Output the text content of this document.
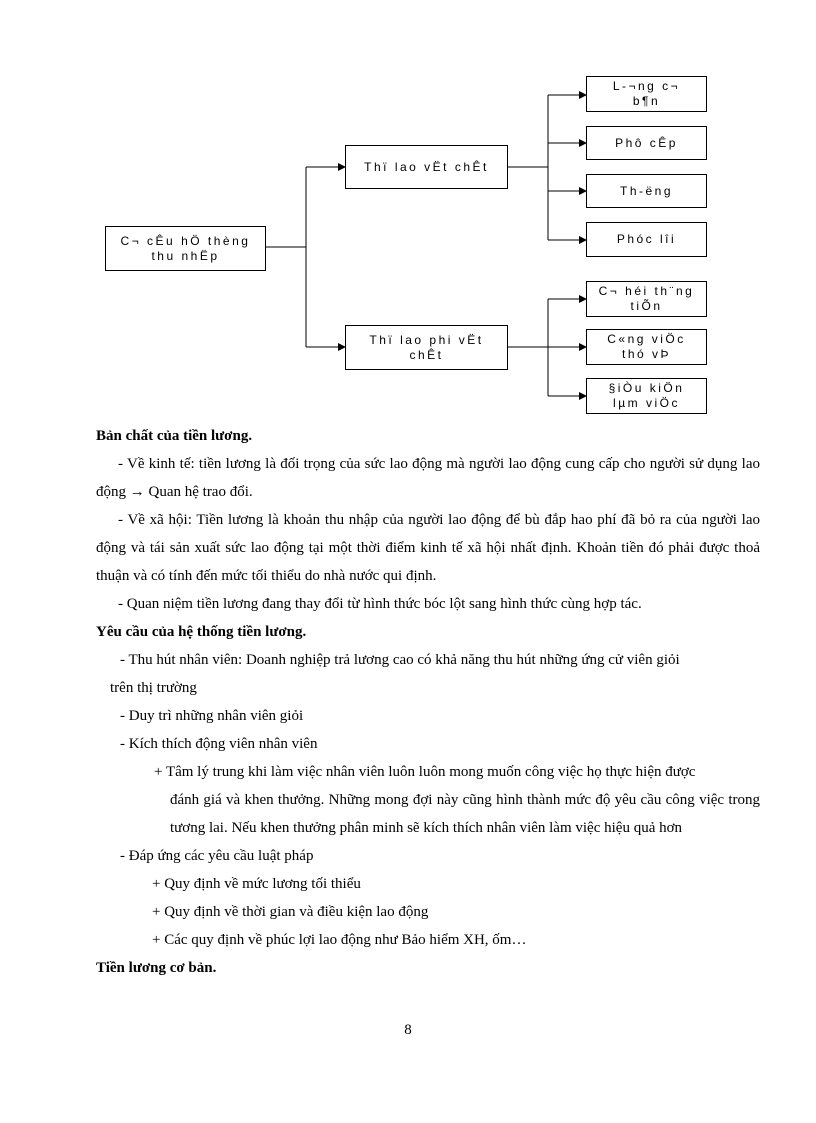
C¬ cÊu hÖ thèng
thu nhËp
Thï lao vËt chÊt
Thï lao phi vËt
chÊt
L-¬ng c¬
b¶n
Phô cÊp
Th-ëng
Phóc lîi
C¬ héi th¨ng
tiÕn
C«ng viÖc
thó vÞ
§iÒu kiÖn
lµm viÖc

Bản chất của tiền lương.

- Về kinh tế: tiền lương là đối trọng của sức lao động mà người lao động cung cấp cho người sử dụng lao động → Quan hệ trao đổi.

- Về xã hội: Tiền lương là khoản thu nhập của người lao động để bù đắp hao phí đã bỏ ra của người lao động và tái sản xuất sức lao động tại một thời điểm kinh tế xã hội nhất định. Khoản tiền đó phải được thoả thuận và có tính đến mức tối thiểu do nhà nước qui định.

- Quan niệm tiền lương đang thay đổi từ hình thức bóc lột sang hình thức cùng hợp tác.

Yêu cầu của hệ thống tiền lương.

- Thu hút nhân viên: Doanh nghiệp trả lương cao có khả năng thu hút những ứng cử viên giỏi

trên thị trường

- Duy trì những nhân viên giỏi

- Kích thích động viên nhân viên

+ Tâm lý trung khi làm việc nhân viên luôn luôn mong muốn công việc họ thực hiện được

đánh giá và khen thưởng. Những mong đợi này cũng hình thành mức độ yêu cầu công việc trong tương lai. Nếu khen thưởng phân minh sẽ kích thích nhân viên làm việc hiệu quả hơn

- Đáp ứng các yêu cầu luật pháp

+ Quy định về mức lương tối thiểu

+ Quy định về thời gian và điều kiện lao động

+ Các quy định về phúc lợi lao động như Bảo hiểm XH, ốm…

Tiền lương cơ bản.

8
